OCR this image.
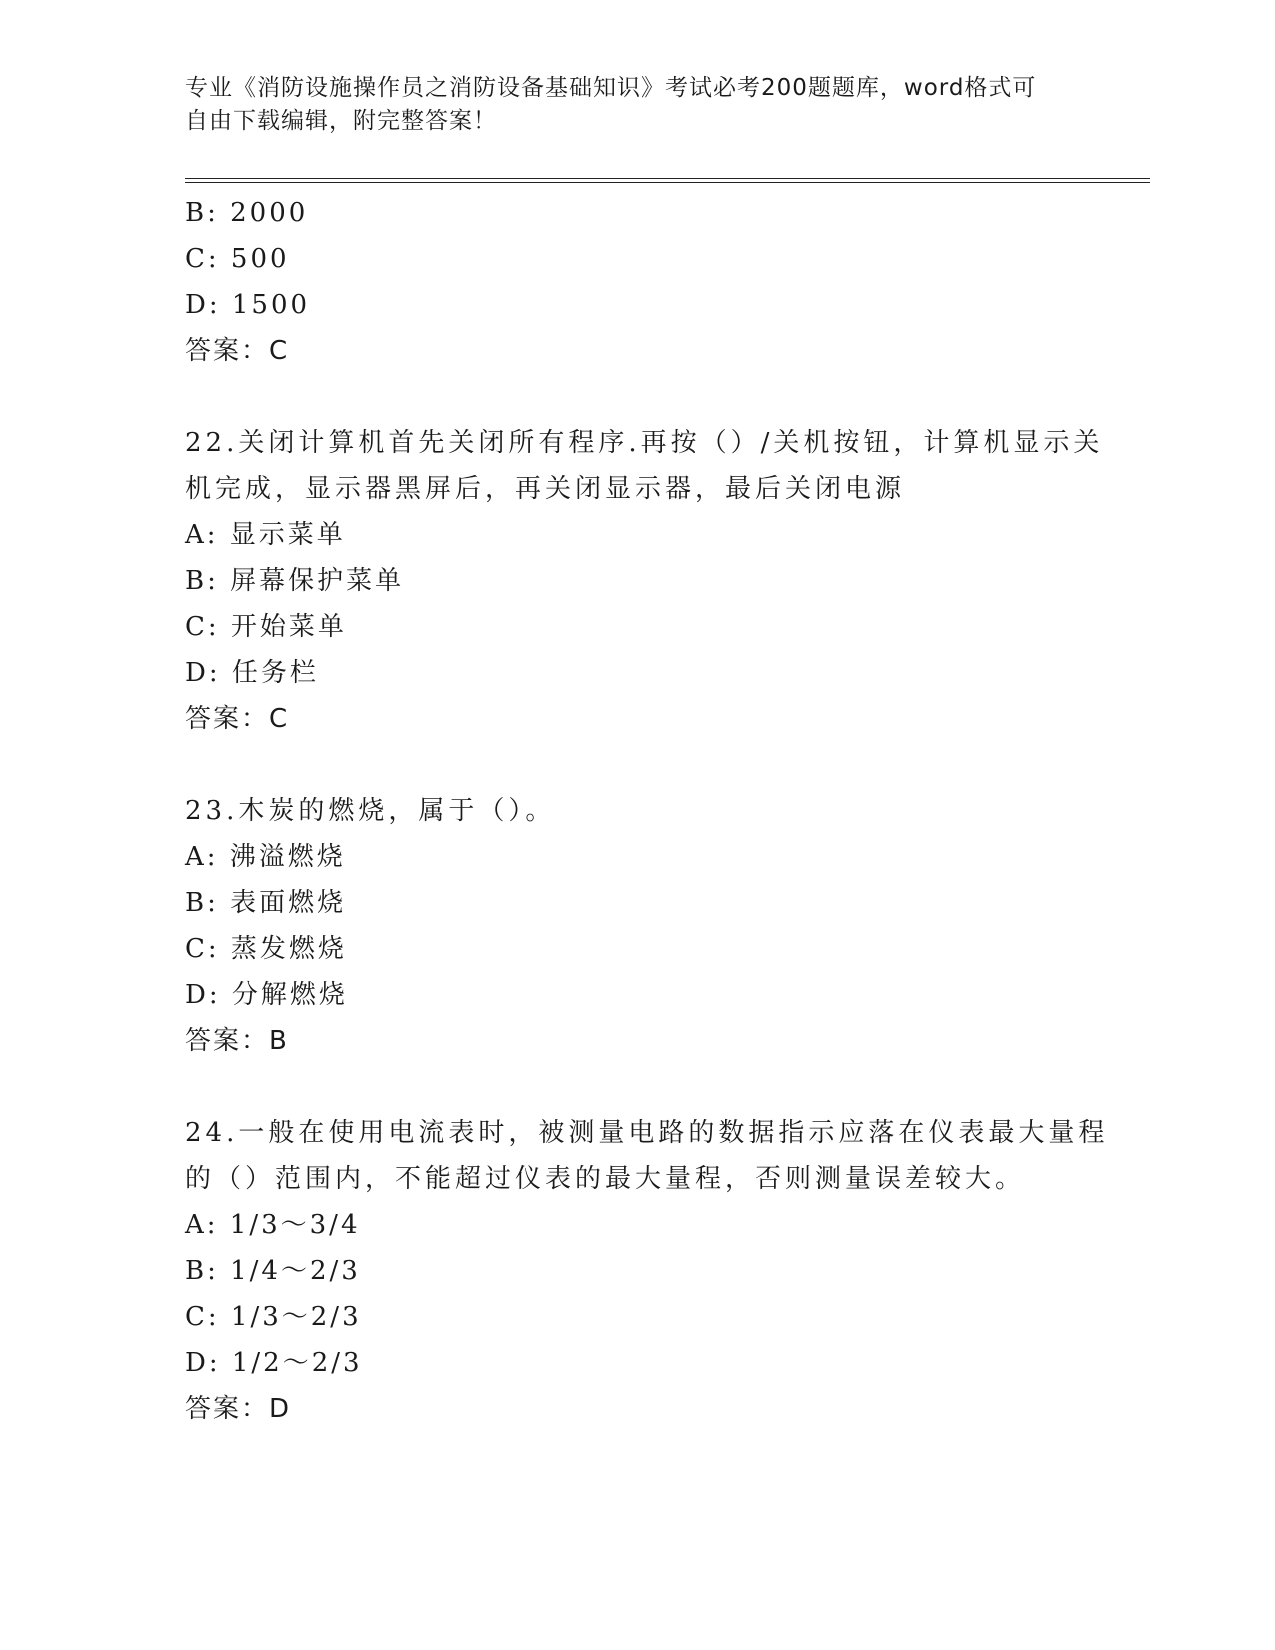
专业《消防设施操作员之消防设备基础知识》考试必考200题题库，word格式可
自由下载编辑，附完整答案！
B: 2000
C: 500
D: 1500
答案：C
22.关闭计算机首先关闭所有程序.再按（）/关机按钮，计算机显示关
机完成，显示器黑屏后，再关闭显示器，最后关闭电源
A: 显示菜单
B: 屏幕保护菜单
C: 开始菜单
D: 任务栏
答案：C
23.木炭的燃烧，属于（）。
A: 沸溢燃烧
B: 表面燃烧
C: 蒸发燃烧
D: 分解燃烧
答案：B
24.一般在使用电流表时，被测量电路的数据指示应落在仪表最大量程
的（）范围内，不能超过仪表的最大量程，否则测量误差较大。
A: 1/3～3/4
B: 1/4～2/3
C: 1/3～2/3
D: 1/2～2/3
答案：D
